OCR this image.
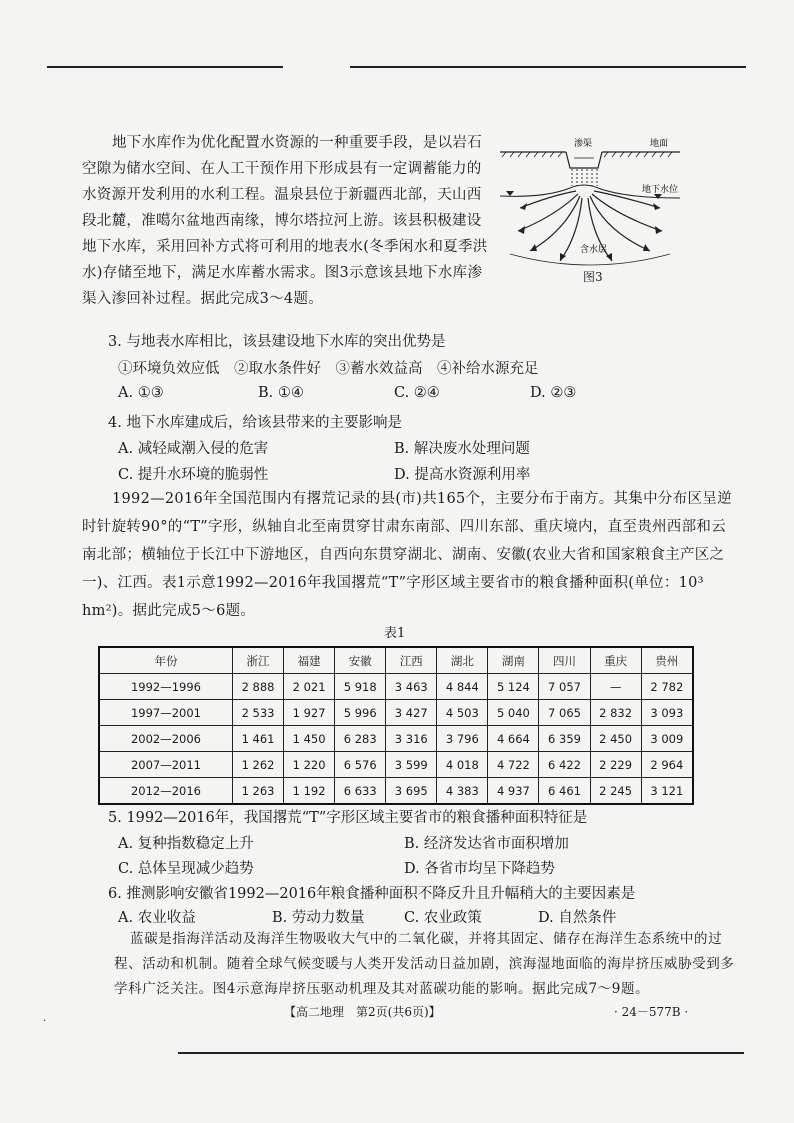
地下水库作为优化配置水资源的一种重要手段，是以岩石空隙为储水空间、在人工干预作用下形成县有一定调蓄能力的水资源开发利用的水利工程。温泉县位于新疆西北部，天山西段北麓，准噶尔盆地西南缘，博尔塔拉河上游。该县积极建设地下水库，采用回补方式将可利用的地表水(冬季闲水和夏季洪水)存储至地下，满足水库蓄水需求。图3示意该县地下水库渗渠入渗回补过程。据此完成3～4题。
渗渠	地面
地下水位
含水层
图3
3. 与地表水库相比，该县建设地下水库的突出优势是
①环境负效应低　②取水条件好　③蓄水效益高　④补给水源充足
A. ①③	B. ①④	C. ②④	D. ②③
4. 地下水库建成后，给该县带来的主要影响是
A. 减轻咸潮入侵的危害	B. 解决废水处理问题
C. 提升水环境的脆弱性	D. 提高水资源利用率
1992—2016年全国范围内有撂荒记录的县(市)共165个，主要分布于南方。其集中分布区呈逆时针旋转90°的“T”字形，纵轴自北至南贯穿甘肃东南部、四川东部、重庆境内，直至贵州西部和云南北部；横轴位于长江中下游地区，自西向东贯穿湖北、湖南、安徽(农业大省和国家粮食主产区之一)、江西。表1示意1992—2016年我国撂荒“T”字形区域主要省市的粮食播种面积(单位：10³ hm²)。据此完成5～6题。
表1
年份	浙江	福建	安徽	江西	湖北	湖南	四川	重庆	贵州
1992—1996	2 888	2 021	5 918	3 463	4 844	5 124	7 057	—	2 782
1997—2001	2 533	1 927	5 996	3 427	4 503	5 040	7 065	2 832	3 093
2002—2006	1 461	1 450	6 283	3 316	3 796	4 664	6 359	2 450	3 009
2007—2011	1 262	1 220	6 576	3 599	4 018	4 722	6 422	2 229	2 964
2012—2016	1 263	1 192	6 633	3 695	4 383	4 937	6 461	2 245	3 121
5. 1992—2016年，我国撂荒“T”字形区域主要省市的粮食播种面积特征是
A. 复种指数稳定上升	B. 经济发达省市面积增加
C. 总体呈现减少趋势	D. 各省市均呈下降趋势
6. 推测影响安徽省1992—2016年粮食播种面积不降反升且升幅稍大的主要因素是
A. 农业收益	B. 劳动力数量	C. 农业政策	D. 自然条件
蓝碳是指海洋活动及海洋生物吸收大气中的二氧化碳，并将其固定、储存在海洋生态系统中的过程、活动和机制。随着全球气候变暖与人类开发活动日益加剧，滨海湿地面临的海岸挤压威胁受到多学科广泛关注。图4示意海岸挤压驱动机理及其对蓝碳功能的影响。据此完成7～9题。
·
【高二地理　第2页(共6页)】	· 24－577B ·
